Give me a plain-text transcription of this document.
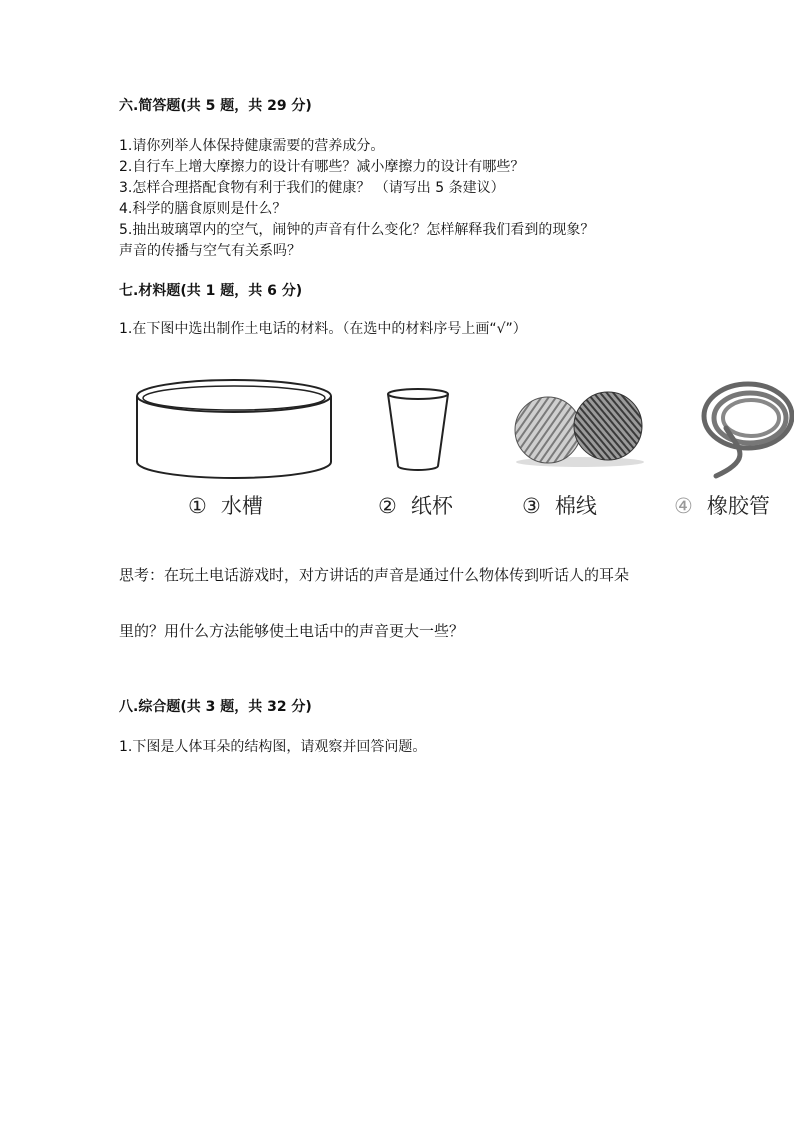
六.简答题(共 5 题，共 29 分)
1.请你列举人体保持健康需要的营养成分。
2.自行车上增大摩擦力的设计有哪些？减小摩擦力的设计有哪些？
3.怎样合理搭配食物有利于我们的健康？ （请写出 5 条建议）
4.科学的膳食原则是什么？
5.抽出玻璃罩内的空气，闹钟的声音有什么变化？怎样解释我们看到的现象？
声音的传播与空气有关系吗？
七.材料题(共 1 题，共 6 分)
1.在下图中选出制作土电话的材料。（在选中的材料序号上画“√”）
① 水槽	② 纸杯	③ 棉线	④ 橡胶管
思考：在玩土电话游戏时，对方讲话的声音是通过什么物体传到听话人的耳朵
里的？用什么方法能够使土电话中的声音更大一些？
八.综合题(共 3 题，共 32 分)
1.下图是人体耳朵的结构图，请观察并回答问题。
